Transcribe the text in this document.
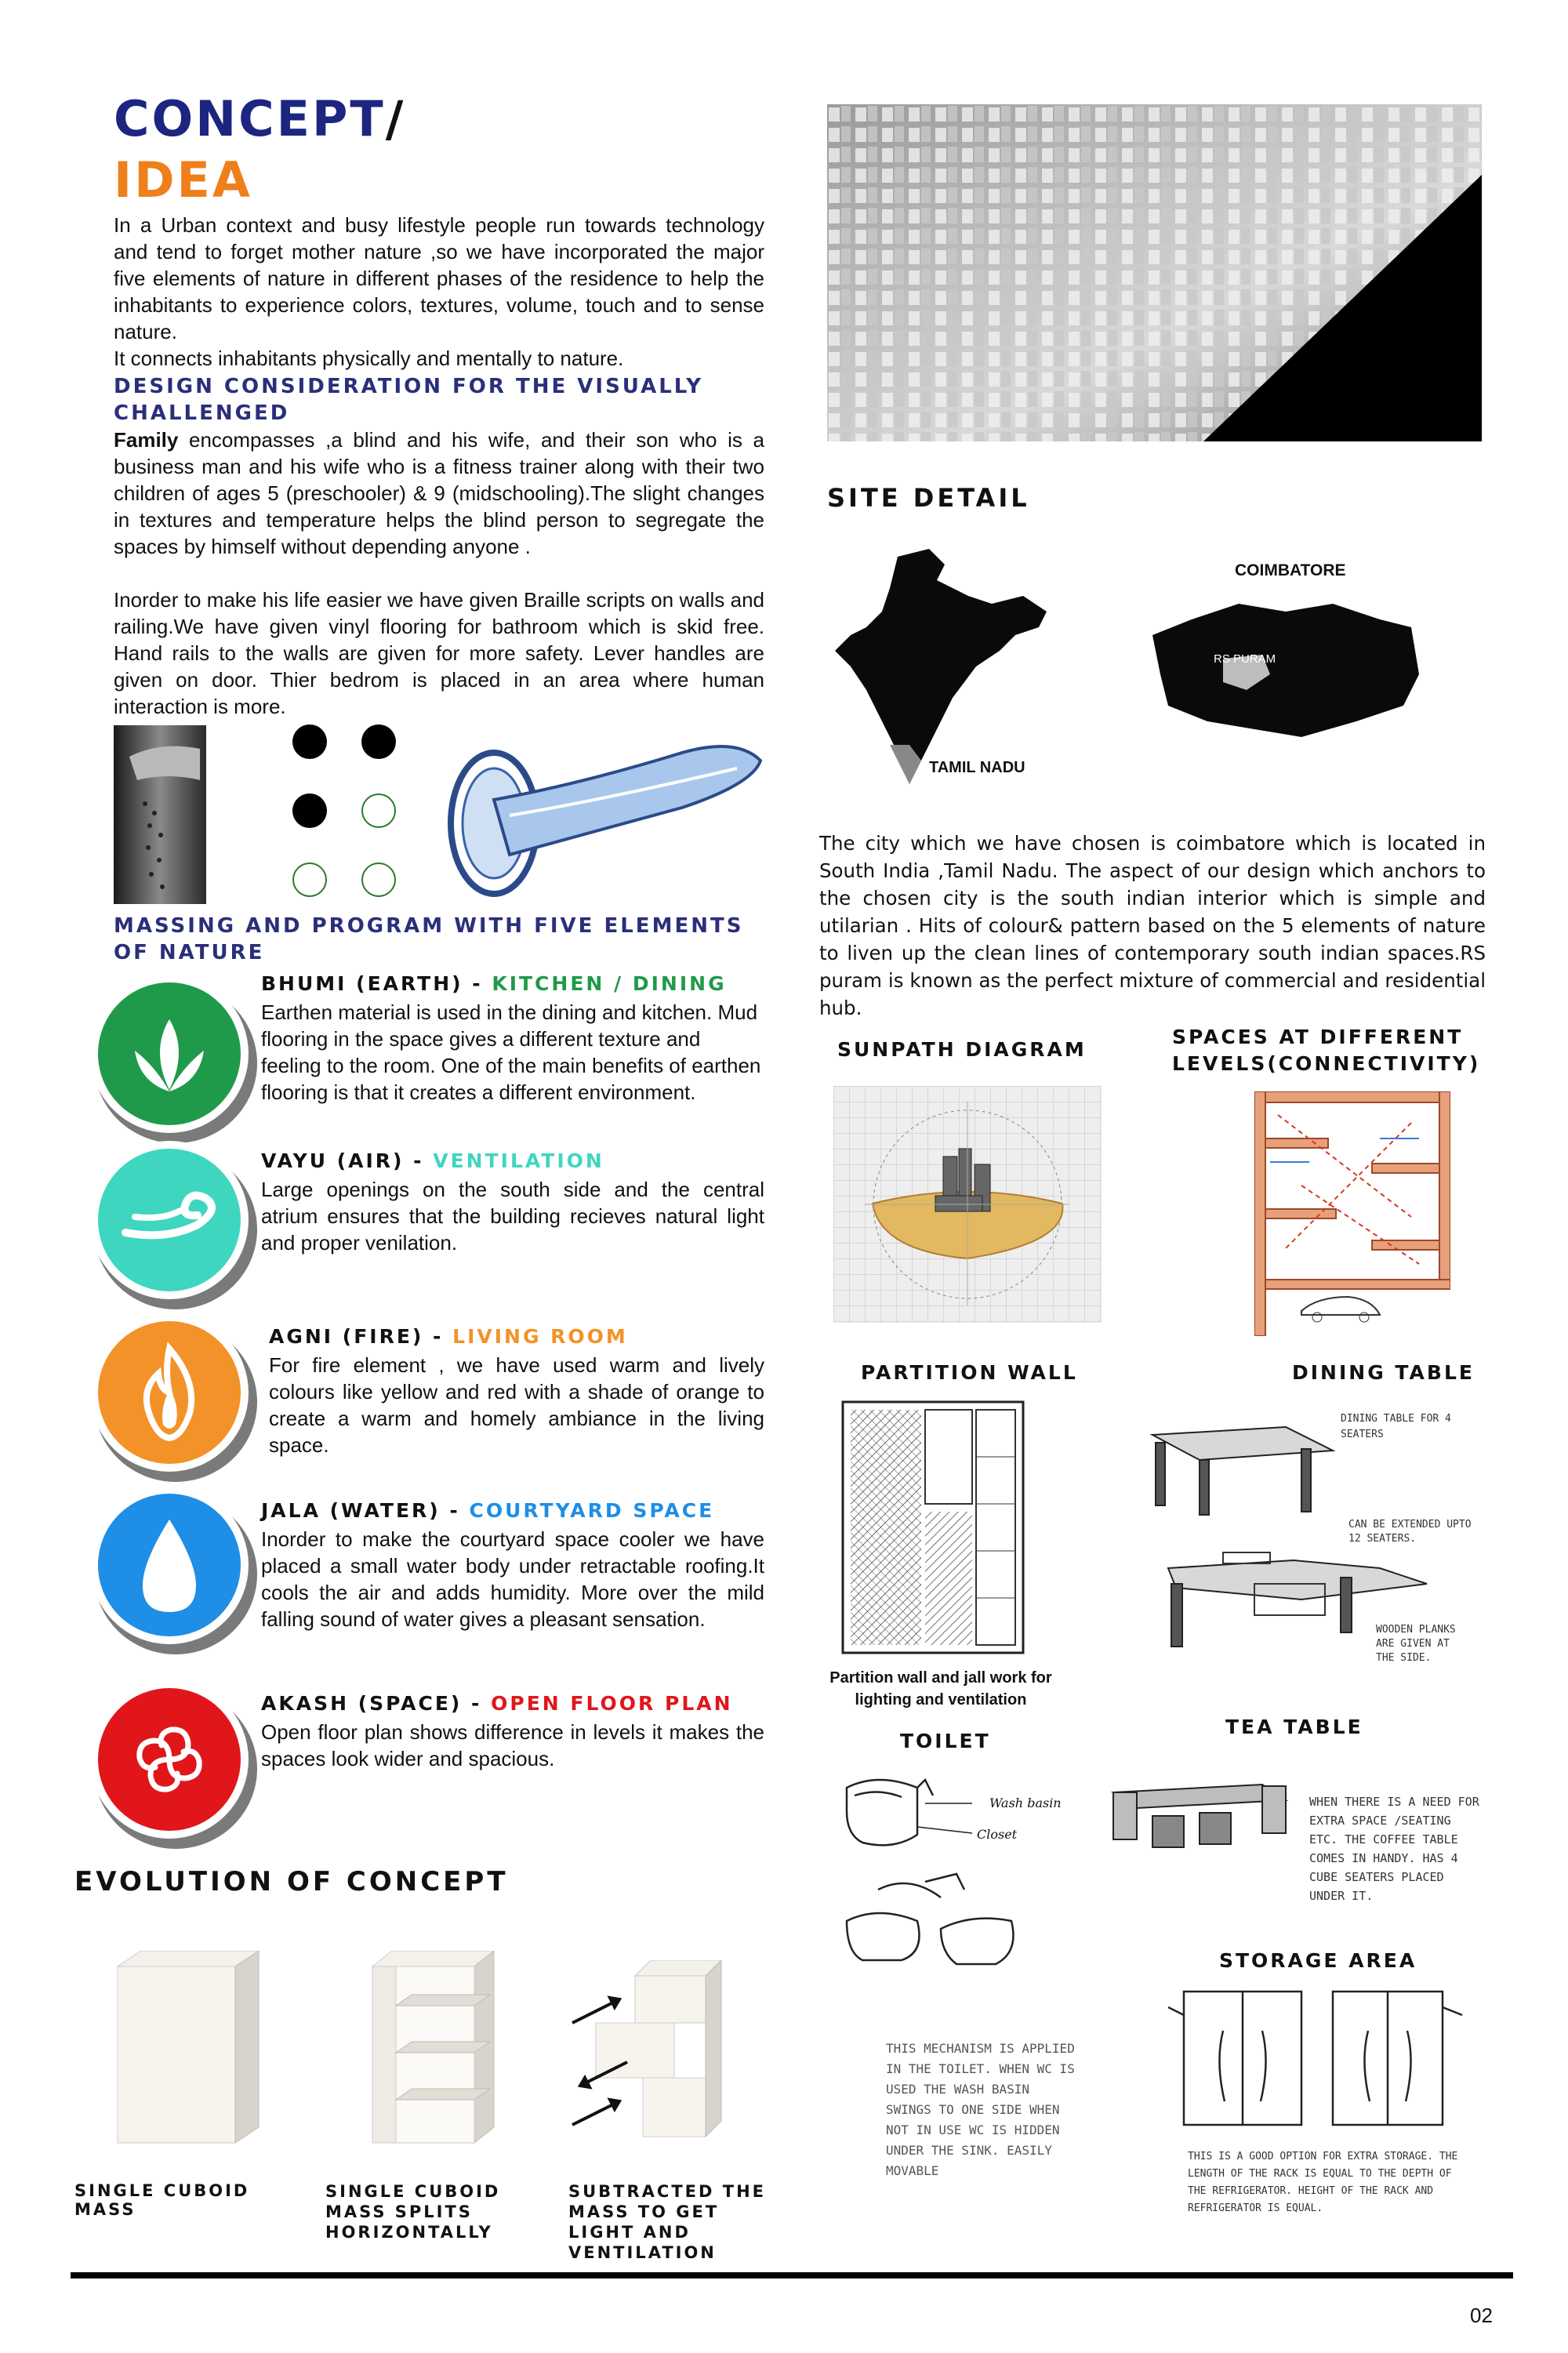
CONCEPT/
IDEA
In a Urban context and busy lifestyle people run towards technology and tend to forget mother nature ,so we have incorporated the major five elements of nature in different phases of the residence to help the inhabitants to experience colors, textures, volume, touch and to sense nature.
It connects inhabitants physically and mentally to nature.
DESIGN CONSIDERATION FOR THE VISUALLY CHALLENGED
Family encompasses ,a blind and his wife, and their son who is a business man and his wife who is a fitness trainer along with their two children of ages 5 (preschooler) & 9 (midschooling).The slight changes in textures and temperature helps the blind person to segregate the spaces by himself without depending anyone .
Inorder to make his life easier we have given Braille scripts on walls and railing.We have given vinyl flooring for bathroom which is skid free. Hand rails to the walls are given for more safety. Lever handles are given on door. Thier bedrom is placed in an area where human interaction is more.
MASSING AND PROGRAM WITH FIVE ELEMENTS OF NATURE
BHUMI (EARTH) - KITCHEN / DINING
Earthen material is used in the dining and kitchen. Mud flooring in the space gives a different texture and feeling to the room. One of the main benefits of earthen flooring is that it creates a different environment.
VAYU (AIR) - VENTILATION
Large openings on the south side and the central atrium ensures that the building recieves natural light and proper venilation.
AGNI (FIRE) - LIVING ROOM
For fire element , we have used warm and lively colours like yellow and red with a shade of orange to create a warm and homely ambiance in the living space.
JALA (WATER) - COURTYARD SPACE
Inorder to make the courtyard space cooler we have placed a small water body under retractable roofing.It cools the air and adds humidity. More over the mild falling sound of water gives a pleasant sensation.
AKASH (SPACE) - OPEN FLOOR PLAN
Open floor plan shows difference in levels it makes the spaces look wider and spacious.
EVOLUTION OF CONCEPT
SINGLE CUBOID MASS
SINGLE CUBOID MASS SPLITS HORIZONTALLY
SUBTRACTED THE MASS TO GET LIGHT AND VENTILATION
SITE DETAIL
TAMIL NADU
COIMBATORE
RS PURAM
The city which we have chosen is coimbatore which is located in South India ,Tamil Nadu. The aspect of our design which anchors to the chosen city is the south indian interior which is simple and utilarian . Hits of colour& pattern based on the 5 elements of nature to liven up the clean lines of contemporary south indian spaces.RS puram is known as the perfect mixture of commercial and residential hub.
SUNPATH DIAGRAM
SPACES AT DIFFERENT LEVELS(CONNECTIVITY)
PARTITION WALL
Partition wall and jall work for lighting and ventilation
DINING TABLE
DINING TABLE FOR 4 SEATERS
CAN BE EXTENDED UPTO 12 SEATERS.
WOODEN PLANKS ARE GIVEN AT THE SIDE.
TOILET
Wash basin
Closet
THIS MECHANISM IS APPLIED IN THE TOILET. WHEN WC IS USED THE WASH BASIN SWINGS TO ONE SIDE WHEN NOT IN USE WC IS HIDDEN UNDER THE SINK. EASILY MOVABLE
TEA TABLE
WHEN THERE IS A NEED FOR EXTRA SPACE /SEATING ETC. THE COFFEE TABLE COMES IN HANDY. HAS 4 CUBE SEATERS PLACED UNDER IT.
STORAGE AREA
THIS IS A GOOD OPTION FOR EXTRA STORAGE. THE LENGTH OF THE RACK IS EQUAL TO THE DEPTH OF THE REFRIGERATOR. HEIGHT OF THE RACK AND REFRIGERATOR IS EQUAL.
02
